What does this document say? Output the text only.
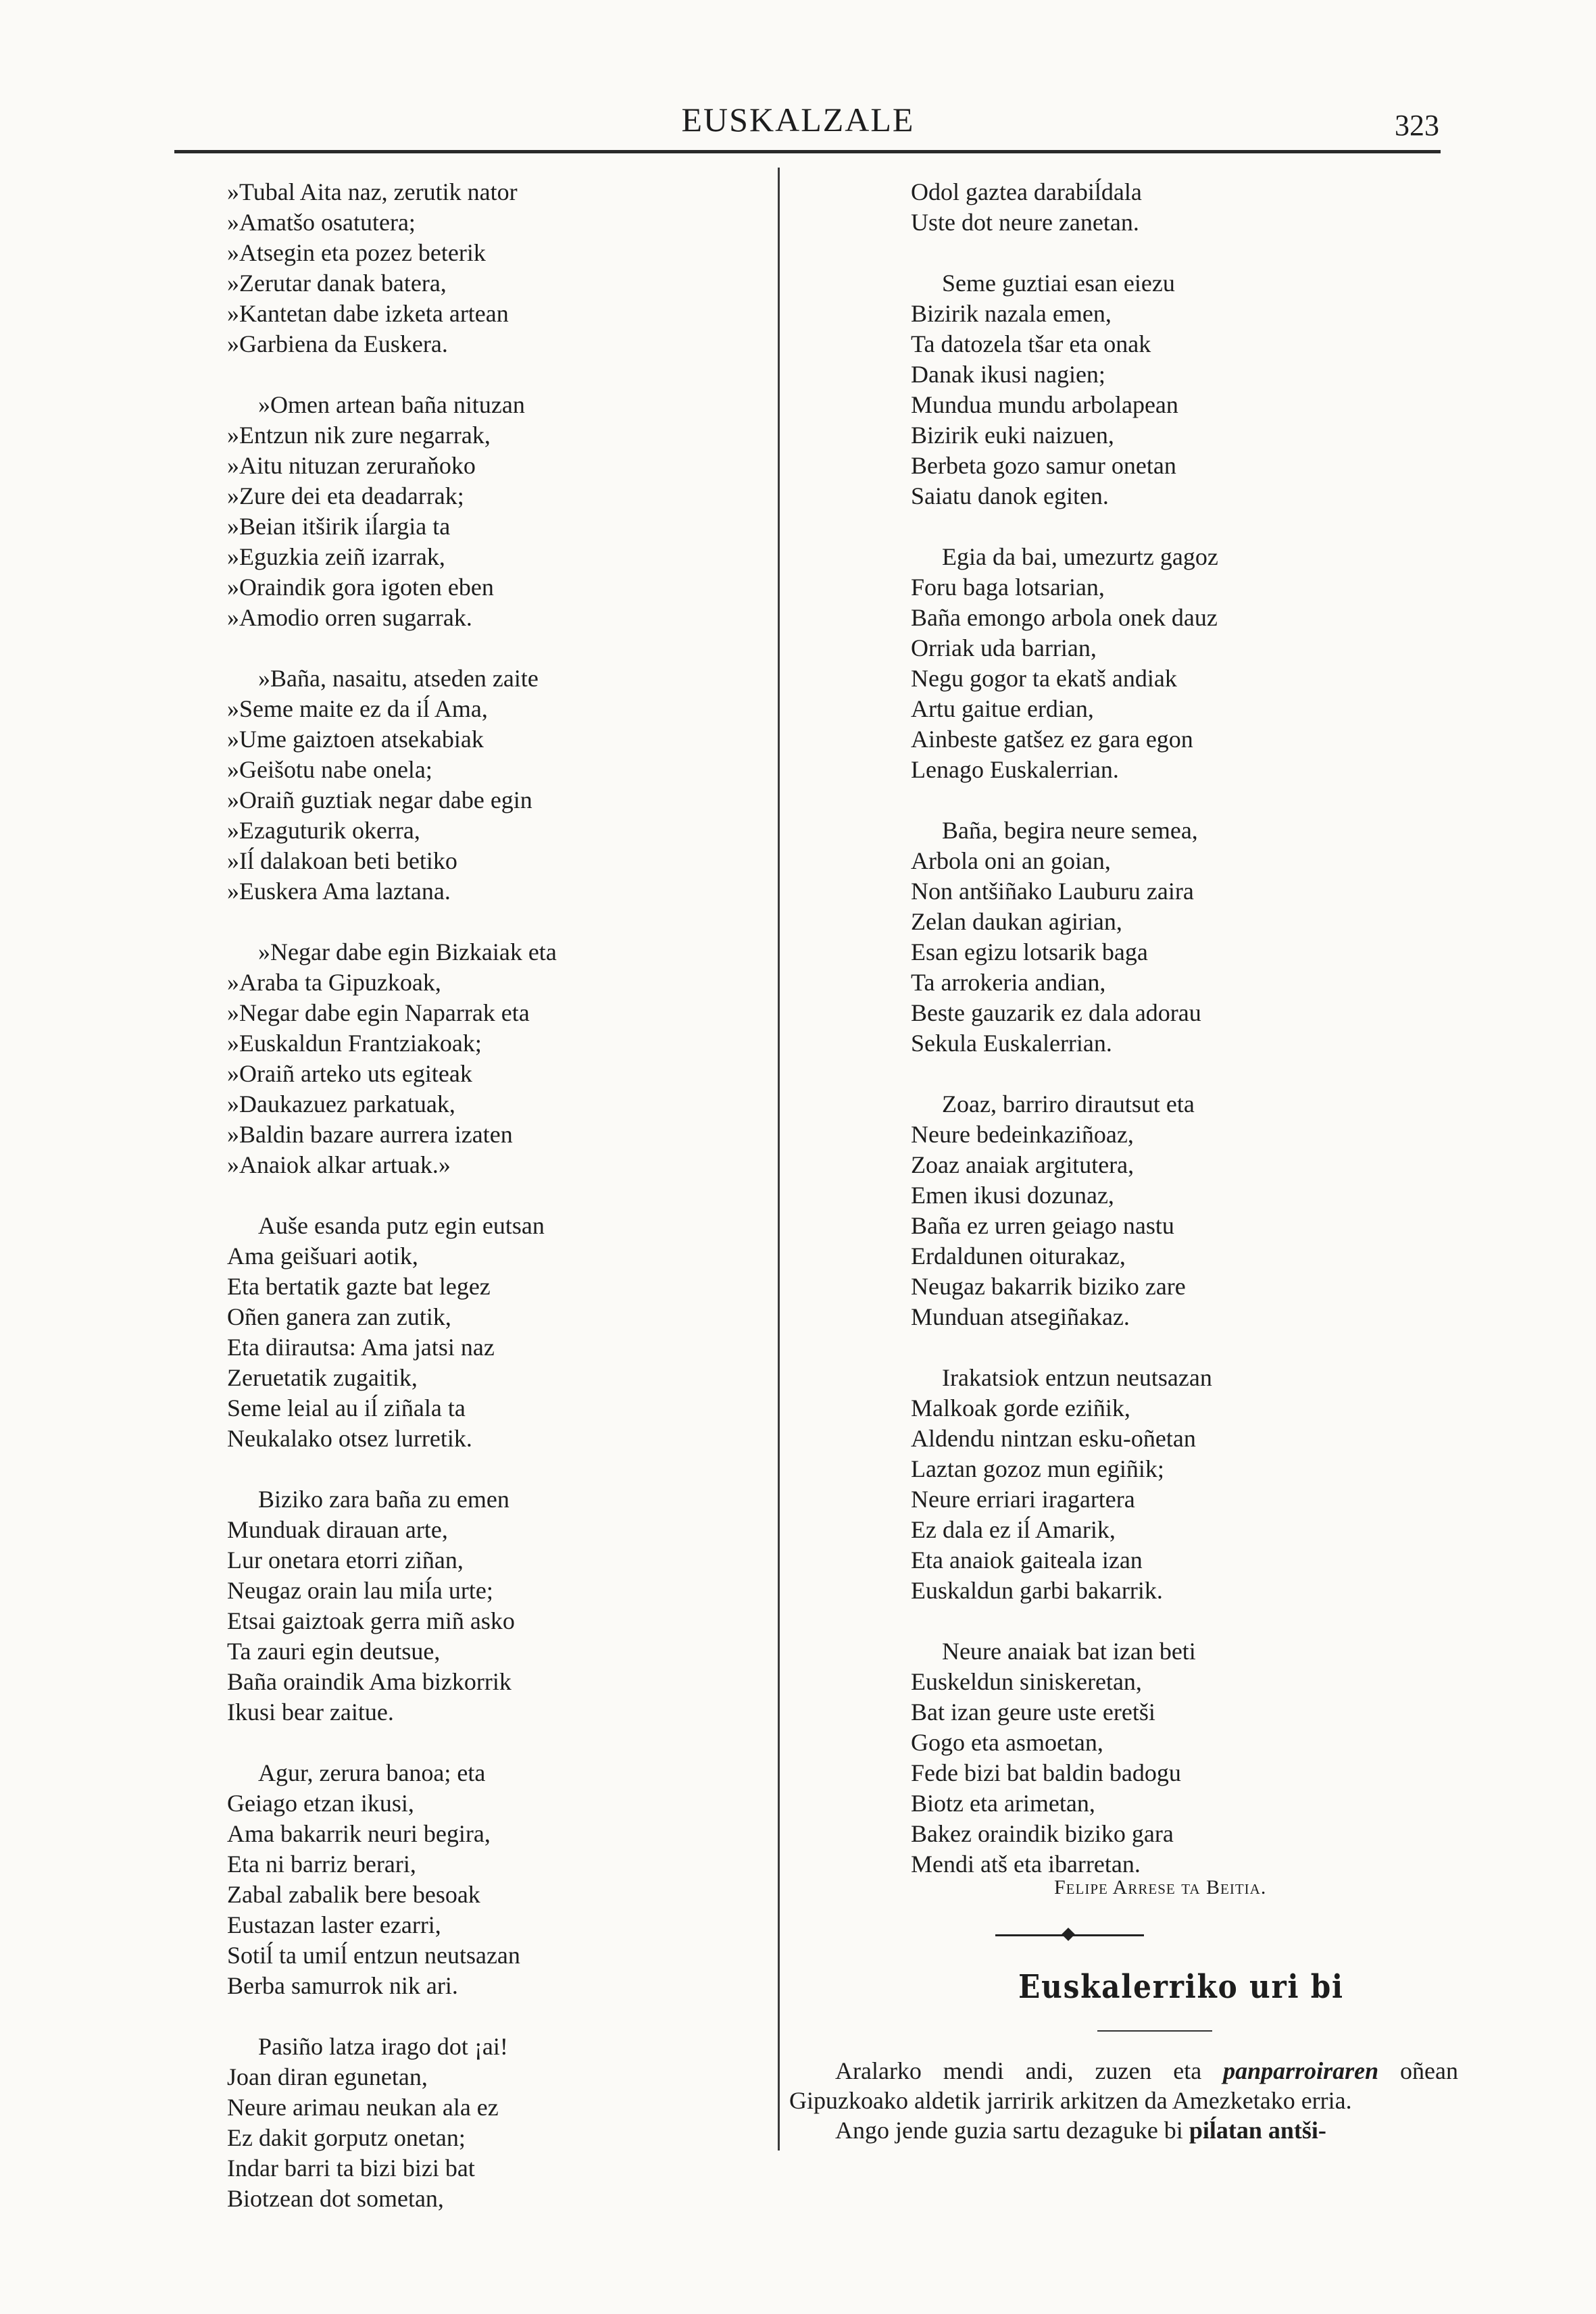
EUSKALZALE	323
»Tubal Aita naz, zerutik nator
»Amatšo osatutera;
»Atsegin eta pozez beterik
»Zerutar danak batera,
»Kantetan dabe izketa artean
»Garbiena da Euskera.
»Omen artean baña nituzan
»Entzun nik zure negarrak,
»Aitu nituzan zeruraňoko
»Zure dei eta deadarrak;
»Beian itširik iĺargia ta
»Eguzkia zeiñ izarrak,
»Oraindik gora igoten eben
»Amodio orren sugarrak.
»Baña, nasaitu, atseden zaite
»Seme maite ez da iĺ Ama,
»Ume gaiztoen atsekabiak
»Geišotu nabe onela;
»Oraiñ guztiak negar dabe egin
»Ezaguturik okerra,
»Iĺ dalakoan beti betiko
»Euskera Ama laztana.
»Negar dabe egin Bizkaiak eta
»Araba ta Gipuzkoak,
»Negar dabe egin Naparrak eta
»Euskaldun Frantziakoak;
»Oraiñ arteko uts egiteak
»Daukazuez parkatuak,
»Baldin bazare aurrera izaten
»Anaiok alkar artuak.»
Auše esanda putz egin eutsan
Ama geišuari aotik,
Eta bertatik gazte bat legez
Oñen ganera zan zutik,
Eta diirautsa: Ama jatsi naz
Zeruetatik zugaitik,
Seme leial au iĺ ziñala ta
Neukalako otsez lurretik.
Biziko zara baña zu emen
Munduak dirauan arte,
Lur onetara etorri ziñan,
Neugaz orain lau miĺa urte;
Etsai gaiztoak gerra miñ asko
Ta zauri egin deutsue,
Baña oraindik Ama bizkorrik
Ikusi bear zaitue.
Agur, zerura banoa; eta
Geiago etzan ikusi,
Ama bakarrik neuri begira,
Eta ni barriz berari,
Zabal zabalik bere besoak
Eustazan laster ezarri,
Sotiĺ ta umiĺ entzun neutsazan
Berba samurrok nik ari.
Pasiño latza irago dot ¡ai!
Joan diran egunetan,
Neure arimau neukan ala ez
Ez dakit gorputz onetan;
Indar barri ta bizi bizi bat
Biotzean dot sometan,
Odol gaztea darabiĺdala
Uste dot neure zanetan.
Seme guztiai esan eiezu
Bizirik nazala emen,
Ta datozela tšar eta onak
Danak ikusi nagien;
Mundua mundu arbolapean
Bizirik euki naizuen,
Berbeta gozo samur onetan
Saiatu danok egiten.
Egia da bai, umezurtz gagoz
Foru baga lotsarian,
Baña emongo arbola onek dauz
Orriak uda barrian,
Negu gogor ta ekatš andiak
Artu gaitue erdian,
Ainbeste gatšez ez gara egon
Lenago Euskalerrian.
Baña, begira neure semea,
Arbola oni an goian,
Non antšiñako Lauburu zaira
Zelan daukan agirian,
Esan egizu lotsarik baga
Ta arrokeria andian,
Beste gauzarik ez dala adorau
Sekula Euskalerrian.
Zoaz, barriro dirautsut eta
Neure bedeinkaziñoaz,
Zoaz anaiak argitutera,
Emen ikusi dozunaz,
Baña ez urren geiago nastu
Erdaldunen oiturakaz,
Neugaz bakarrik biziko zare
Munduan atsegiñakaz.
Irakatsiok entzun neutsazan
Malkoak gorde eziñik,
Aldendu nintzan esku-oñetan
Laztan gozoz mun egiñik;
Neure erriari iragartera
Ez dala ez iĺ Amarik,
Eta anaiok gaiteala izan
Euskaldun garbi bakarrik.
Neure anaiak bat izan beti
Euskeldun siniskeretan,
Bat izan geure uste eretši
Gogo eta asmoetan,
Fede bizi bat baldin badogu
Biotz eta arimetan,
Bakez oraindik biziko gara
Mendi atš eta ibarretan.
Felipe Arrese ta Beitia.
Euskalerriko uri bi

Aralarko mendi andi, zuzen eta panparroiraren oñean Gipuzkoako aldetik jarririk arkitzen da Amezketako erria.

Ango jende guzia sartu dezaguke bi piĺatan antši-
